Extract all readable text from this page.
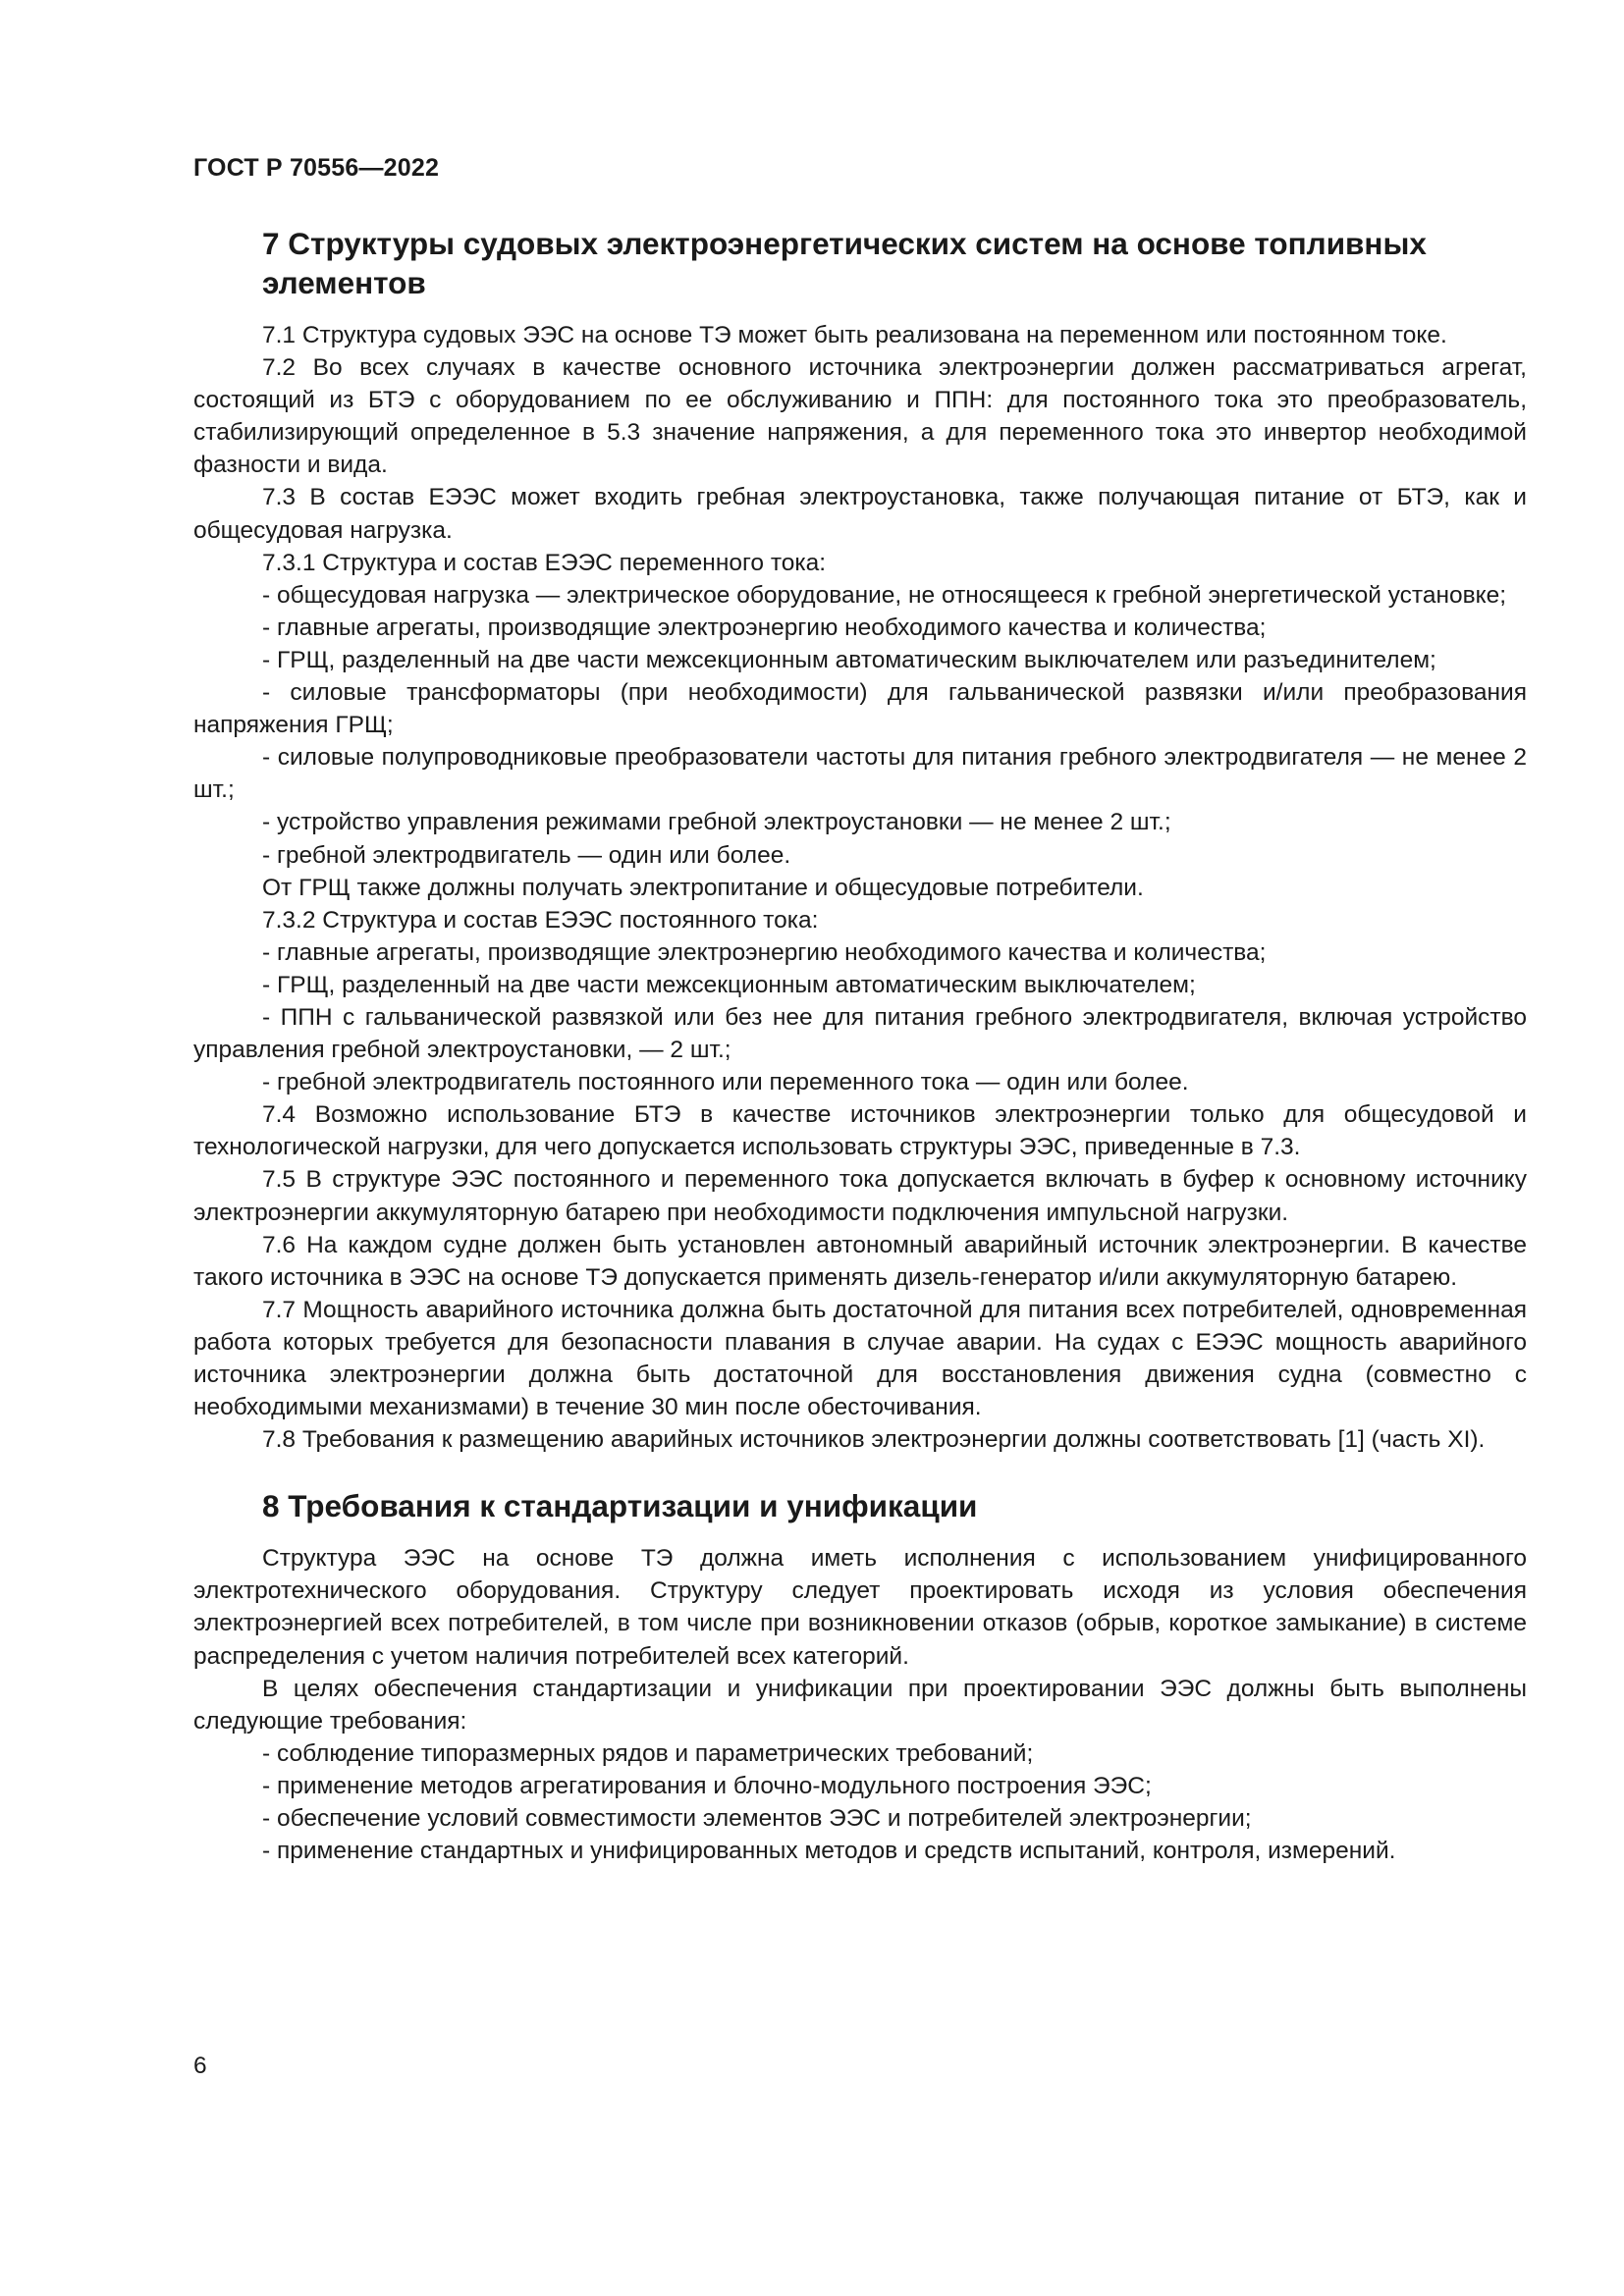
ГОСТ Р 70556—2022
7 Структуры судовых электроэнергетических систем на основе топливных элементов

7.1 Структура судовых ЭЭС на основе ТЭ может быть реализована на переменном или постоянном токе.

7.2 Во всех случаях в качестве основного источника электроэнергии должен рассматриваться агрегат, состоящий из БТЭ с оборудованием по ее обслуживанию и ППН: для постоянного тока это преобразователь, стабилизирующий определенное в 5.3 значение напряжения, а для переменного тока это инвертор необходимой фазности и вида.

7.3 В состав ЕЭЭС может входить гребная электроустановка, также получающая питание от БТЭ, как и общесудовая нагрузка.

7.3.1 Структура и состав ЕЭЭС переменного тока:

- общесудовая нагрузка — электрическое оборудование, не относящееся к гребной энергетической установке;

- главные агрегаты, производящие электроэнергию необходимого качества и количества;

- ГРЩ, разделенный на две части межсекционным автоматическим выключателем или разъединителем;

- силовые трансформаторы (при необходимости) для гальванической развязки и/или преобразования напряжения ГРЩ;

- силовые полупроводниковые преобразователи частоты для питания гребного электродвигателя — не менее 2 шт.;

- устройство управления режимами гребной электроустановки — не менее 2 шт.;

- гребной электродвигатель — один или более.

От ГРЩ также должны получать электропитание и общесудовые потребители.

7.3.2 Структура и состав ЕЭЭС постоянного тока:

- главные агрегаты, производящие электроэнергию необходимого качества и количества;

- ГРЩ, разделенный на две части межсекционным автоматическим выключателем;

- ППН с гальванической развязкой или без нее для питания гребного электродвигателя, включая устройство управления гребной электроустановки, — 2 шт.;

- гребной электродвигатель постоянного или переменного тока — один или более.

7.4 Возможно использование БТЭ в качестве источников электроэнергии только для общесудовой и технологической нагрузки, для чего допускается использовать структуры ЭЭС, приведенные в 7.3.

7.5 В структуре ЭЭС постоянного и переменного тока допускается включать в буфер к основному источнику электроэнергии аккумуляторную батарею при необходимости подключения импульсной нагрузки.

7.6 На каждом судне должен быть установлен автономный аварийный источник электроэнергии. В качестве такого источника в ЭЭС на основе ТЭ допускается применять дизель-генератор и/или аккумуляторную батарею.

7.7 Мощность аварийного источника должна быть достаточной для питания всех потребителей, одновременная работа которых требуется для безопасности плавания в случае аварии. На судах с ЕЭЭС мощность аварийного источника электроэнергии должна быть достаточной для восстановления движения судна (совместно с необходимыми механизмами) в течение 30 мин после обесточивания.

7.8 Требования к размещению аварийных источников электроэнергии должны соответствовать [1] (часть XI).

8 Требования к стандартизации и унификации

Структура ЭЭС на основе ТЭ должна иметь исполнения с использованием унифицированного электротехнического оборудования. Структуру следует проектировать исходя из условия обеспечения электроэнергией всех потребителей, в том числе при возникновении отказов (обрыв, короткое замыкание) в системе распределения с учетом наличия потребителей всех категорий.

В целях обеспечения стандартизации и унификации при проектировании ЭЭС должны быть выполнены следующие требования:

- соблюдение типоразмерных рядов и параметрических требований;

- применение методов агрегатирования и блочно-модульного построения ЭЭС;

- обеспечение условий совместимости элементов ЭЭС и потребителей электроэнергии;

- применение стандартных и унифицированных методов и средств испытаний, контроля, измерений.

6
